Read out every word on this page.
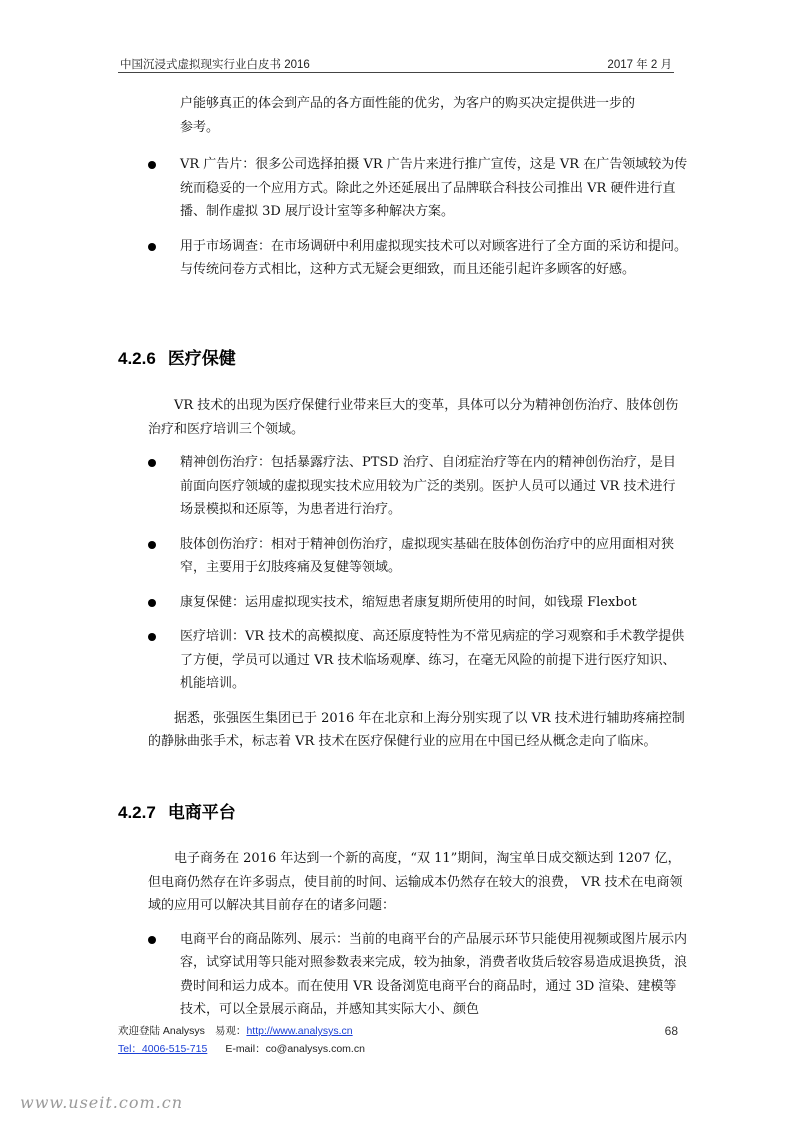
中国沉浸式虚拟现实行业白皮书 2016	2017 年 2 月

户能够真正的体会到产品的各方面性能的优劣，为客户的购买决定提供进一步的

参考。

VR 广告片：很多公司选择拍摄 VR 广告片来进行推广宣传，这是 VR 在广告领域较为传统而稳妥的一个应用方式。除此之外还延展出了品牌联合科技公司推出 VR 硬件进行直播、制作虚拟 3D 展厅设计室等多种解决方案。
用于市场调查：在市场调研中利用虚拟现实技术可以对顾客进行了全方面的采访和提问。与传统问卷方式相比，这种方式无疑会更细致，而且还能引起许多顾客的好感。
4.2.6 医疗保健

VR 技术的出现为医疗保健行业带来巨大的变革，具体可以分为精神创伤治疗、肢体创伤治疗和医疗培训三个领域。

精神创伤治疗：包括暴露疗法、PTSD 治疗、自闭症治疗等在内的精神创伤治疗，是目前面向医疗领域的虚拟现实技术应用较为广泛的类别。医护人员可以通过 VR 技术进行场景模拟和还原等，为患者进行治疗。
肢体创伤治疗：相对于精神创伤治疗，虚拟现实基础在肢体创伤治疗中的应用面相对狭窄，主要用于幻肢疼痛及复健等领域。
康复保健：运用虚拟现实技术，缩短患者康复期所使用的时间，如钱璟 Flexbot
医疗培训：VR 技术的高模拟度、高还原度特性为不常见病症的学习观察和手术教学提供了方便，学员可以通过 VR 技术临场观摩、练习，在毫无风险的前提下进行医疗知识、机能培训。

据悉，张强医生集团已于 2016 年在北京和上海分别实现了以 VR 技术进行辅助疼痛控制的静脉曲张手术，标志着 VR 技术在医疗保健行业的应用在中国已经从概念走向了临床。

4.2.7 电商平台

电子商务在 2016 年达到一个新的高度，“双 11”期间，淘宝单日成交额达到 1207 亿，但电商仍然存在许多弱点，使目前的时间、运输成本仍然存在较大的浪费， VR 技术在电商领域的应用可以解决其目前存在的诸多问题：

电商平台的商品陈列、展示：当前的电商平台的产品展示环节只能使用视频或图片展示内容，试穿试用等只能对照参数表来完成，较为抽象，消费者收货后较容易造成退换货，浪费时间和运力成本。而在使用 VR 设备浏览电商平台的商品时，通过 3D 渲染、建模等技术，可以全景展示商品，并感知其实际大小、颜色
欢迎登陆 Analysys 易观：http://www.analysys.cn
Tel：4006-515-715 E-mail：co@analysys.com.cn
68
www.useit.com.cn
